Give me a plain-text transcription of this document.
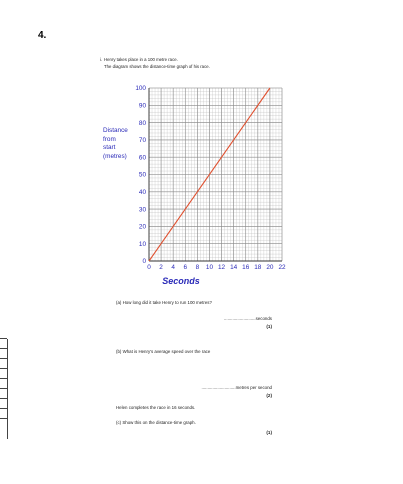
4.
i. Henry takes place in a 100 metre race.
The diagram shows the distance-time graph of his race.
Distance
from
start
(metres)
0 2 4 6 8 10 12 14 16 18 20 22
0
10
20
30
40
50
60
70
80
90
100
Seconds
(a) How long did it take Henry to run 100 metres?
..........................seconds
(1)
(b) What is Henry's average speed over the race
............................metres per second
(2)
Helen completes the race in 16 seconds.
(c) Show this on the distance-time graph.
(1)
